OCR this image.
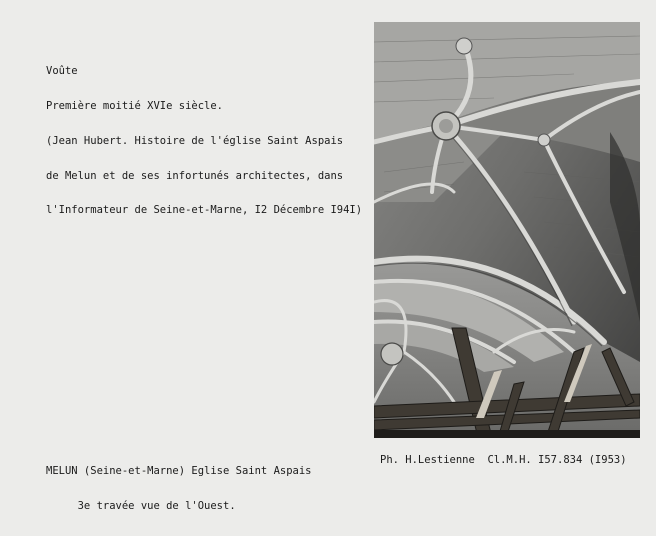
Voûte

Première moitié XVIe siècle.

(Jean Hubert. Histoire de l'église Saint Aspais

de Melun et de ses infortunés architectes, dans

l'Informateur de Seine-et-Marne, I2 Décembre I94I)

MELUN (Seine-et-Marne) Eglise Saint Aspais

3e travée vue de l'Ouest.

Ph. H.Lestienne  Cl.M.H. I57.834 (I953)
